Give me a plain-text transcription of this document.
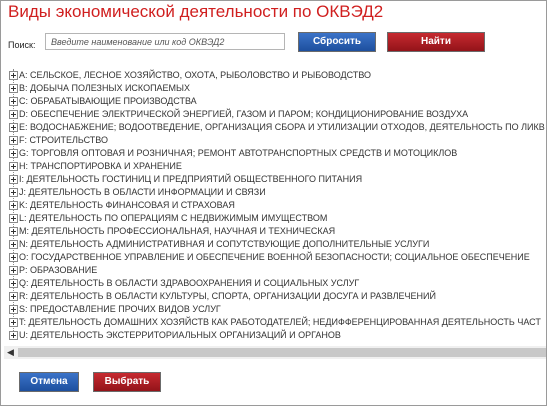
Виды экономической деятельности по ОКВЭД2
Поиск:
Введите наименование или код ОКВЭД2	Сбросить	Найти
A: СЕЛЬСКОЕ, ЛЕСНОЕ ХОЗЯЙСТВО, ОХОТА, РЫБОЛОВСТВО И РЫБОВОДСТВО
B: ДОБЫЧА ПОЛЕЗНЫХ ИСКОПАЕМЫХ
C: ОБРАБАТЫВАЮЩИЕ ПРОИЗВОДСТВА
D: ОБЕСПЕЧЕНИЕ ЭЛЕКТРИЧЕСКОЙ ЭНЕРГИЕЙ, ГАЗОМ И ПАРОМ; КОНДИЦИОНИРОВАНИЕ ВОЗДУХА
E: ВОДОСНАБЖЕНИЕ; ВОДООТВЕДЕНИЕ, ОРГАНИЗАЦИЯ СБОРА И УТИЛИЗАЦИИ ОТХОДОВ, ДЕЯТЕЛЬНОСТЬ ПО ЛИКВ
F: СТРОИТЕЛЬСТВО
G: ТОРГОВЛЯ ОПТОВАЯ И РОЗНИЧНАЯ; РЕМОНТ АВТОТРАНСПОРТНЫХ СРЕДСТВ И МОТОЦИКЛОВ
H: ТРАНСПОРТИРОВКА И ХРАНЕНИЕ
I: ДЕЯТЕЛЬНОСТЬ ГОСТИНИЦ И ПРЕДПРИЯТИЙ ОБЩЕСТВЕННОГО ПИТАНИЯ
J: ДЕЯТЕЛЬНОСТЬ В ОБЛАСТИ ИНФОРМАЦИИ И СВЯЗИ
K: ДЕЯТЕЛЬНОСТЬ ФИНАНСОВАЯ И СТРАХОВАЯ
L: ДЕЯТЕЛЬНОСТЬ ПО ОПЕРАЦИЯМ С НЕДВИЖИМЫМ ИМУЩЕСТВОМ
M: ДЕЯТЕЛЬНОСТЬ ПРОФЕССИОНАЛЬНАЯ, НАУЧНАЯ И ТЕХНИЧЕСКАЯ
N: ДЕЯТЕЛЬНОСТЬ АДМИНИСТРАТИВНАЯ И СОПУТСТВУЮЩИЕ ДОПОЛНИТЕЛЬНЫЕ УСЛУГИ
O: ГОСУДАРСТВЕННОЕ УПРАВЛЕНИЕ И ОБЕСПЕЧЕНИЕ ВОЕННОЙ БЕЗОПАСНОСТИ; СОЦИАЛЬНОЕ ОБЕСПЕЧЕНИЕ
P: ОБРАЗОВАНИЕ
Q: ДЕЯТЕЛЬНОСТЬ В ОБЛАСТИ ЗДРАВООХРАНЕНИЯ И СОЦИАЛЬНЫХ УСЛУГ
R: ДЕЯТЕЛЬНОСТЬ В ОБЛАСТИ КУЛЬТУРЫ, СПОРТА, ОРГАНИЗАЦИИ ДОСУГА И РАЗВЛЕЧЕНИЙ
S: ПРЕДОСТАВЛЕНИЕ ПРОЧИХ ВИДОВ УСЛУГ
T: ДЕЯТЕЛЬНОСТЬ ДОМАШНИХ ХОЗЯЙСТВ КАК РАБОТОДАТЕЛЕЙ; НЕДИФФЕРЕНЦИРОВАННАЯ ДЕЯТЕЛЬНОСТЬ ЧАСТ
U: ДЕЯТЕЛЬНОСТЬ ЭКСТЕРРИТОРИАЛЬНЫХ ОРГАНИЗАЦИЙ И ОРГАНОВ
◀
Отмена	Выбрать
